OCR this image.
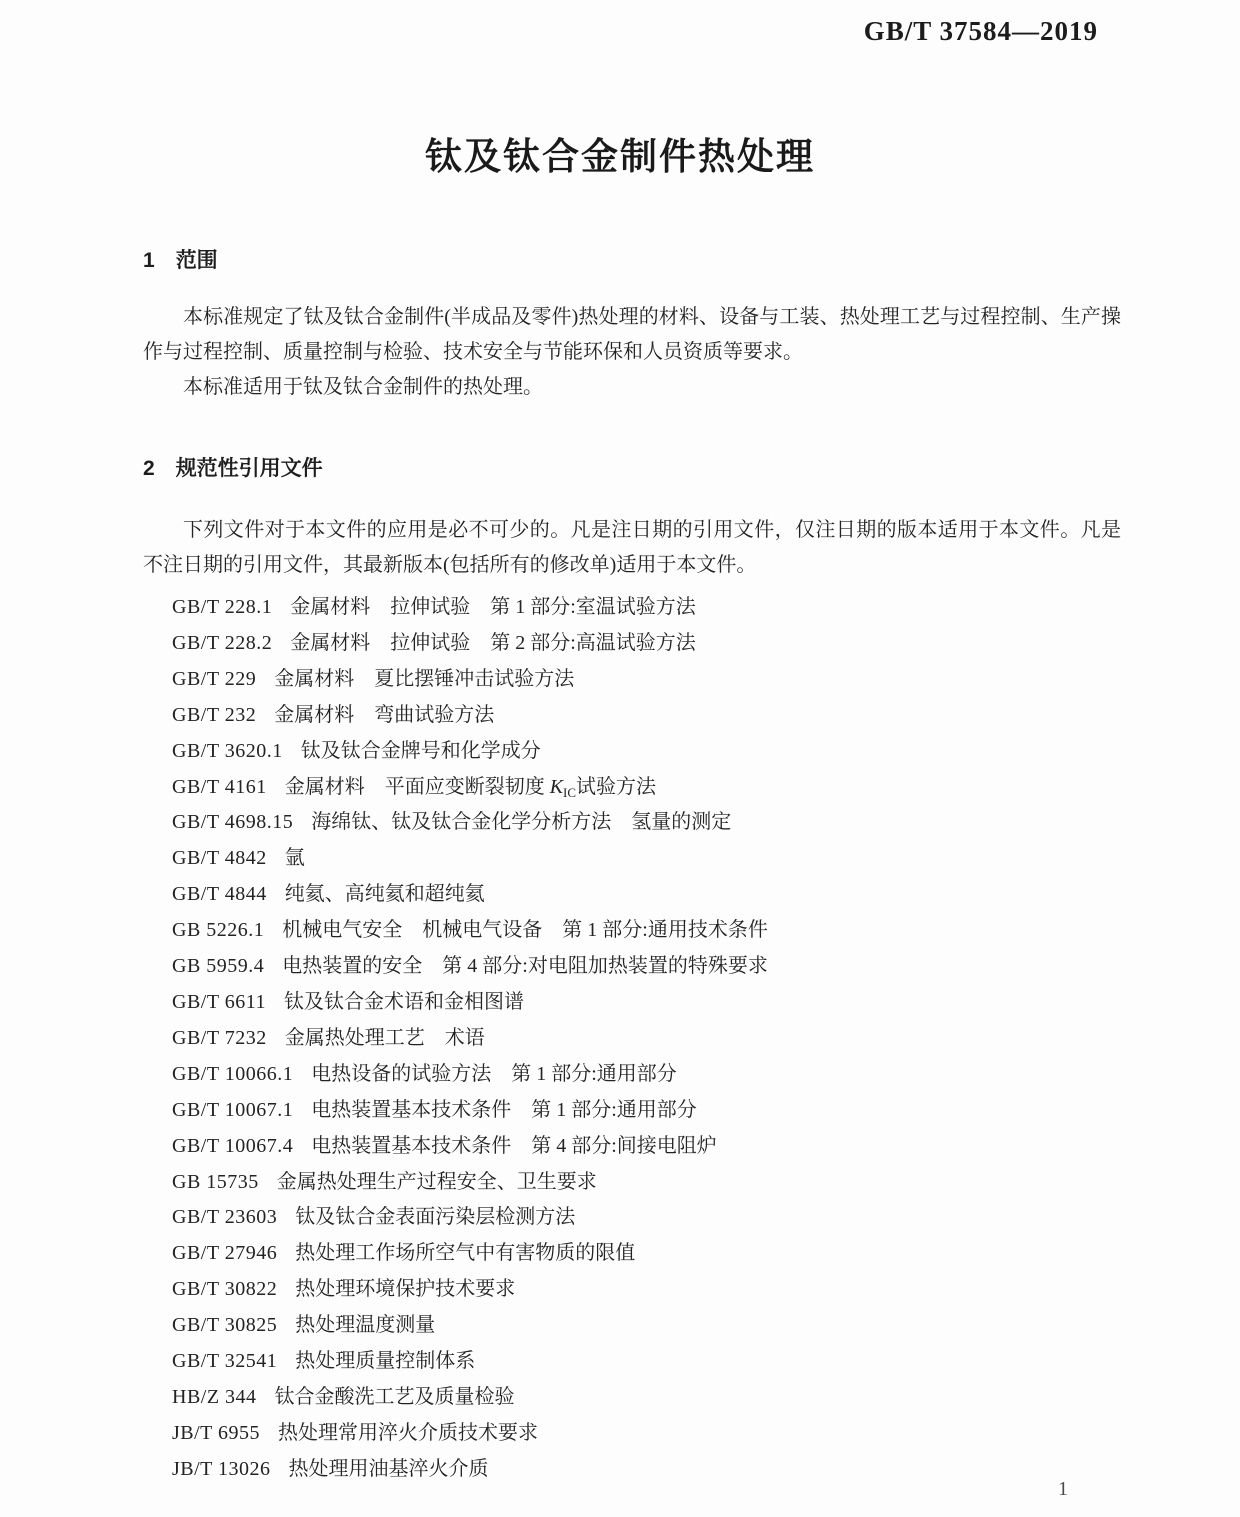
GB/T 37584—2019
钛及钛合金制件热处理
1 范围

本标准规定了钛及钛合金制件(半成品及零件)热处理的材料、设备与工装、热处理工艺与过程控制、生产操作与过程控制、质量控制与检验、技术安全与节能环保和人员资质等要求。

本标准适用于钛及钛合金制件的热处理。

2 规范性引用文件

下列文件对于本文件的应用是必不可少的。凡是注日期的引用文件，仅注日期的版本适用于本文件。凡是不注日期的引用文件，其最新版本(包括所有的修改单)适用于本文件。

GB/T 228.1 金属材料　拉伸试验　第 1 部分:室温试验方法
GB/T 228.2 金属材料　拉伸试验　第 2 部分:高温试验方法
GB/T 229 金属材料　夏比摆锤冲击试验方法
GB/T 232 金属材料　弯曲试验方法
GB/T 3620.1 钛及钛合金牌号和化学成分
GB/T 4161 金属材料　平面应变断裂韧度 $K_{IC}$试验方法
GB/T 4698.15 海绵钛、钛及钛合金化学分析方法　氢量的测定
GB/T 4842 氩
GB/T 4844 纯氦、高纯氦和超纯氦
GB 5226.1 机械电气安全　机械电气设备　第 1 部分:通用技术条件
GB 5959.4 电热装置的安全　第 4 部分:对电阻加热装置的特殊要求
GB/T 6611 钛及钛合金术语和金相图谱
GB/T 7232 金属热处理工艺　术语
GB/T 10066.1 电热设备的试验方法　第 1 部分:通用部分
GB/T 10067.1 电热装置基本技术条件　第 1 部分:通用部分
GB/T 10067.4 电热装置基本技术条件　第 4 部分:间接电阻炉
GB 15735 金属热处理生产过程安全、卫生要求
GB/T 23603 钛及钛合金表面污染层检测方法
GB/T 27946 热处理工作场所空气中有害物质的限值
GB/T 30822 热处理环境保护技术要求
GB/T 30825 热处理温度测量
GB/T 32541 热处理质量控制体系
HB/Z 344 钛合金酸洗工艺及质量检验
JB/T 6955 热处理常用淬火介质技术要求
JB/T 13026 热处理用油基淬火介质
1
